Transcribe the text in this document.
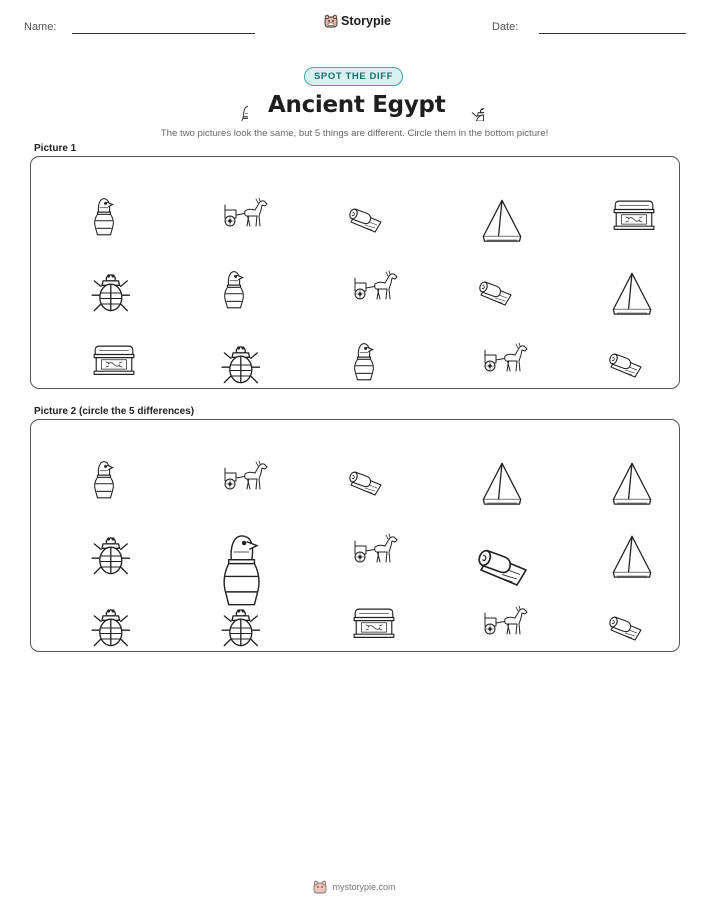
Name:	Storypie	Date:
SPOT THE DIFF
Ancient Egypt
The two pictures look the same, but 5 things are different. Circle them in the bottom picture!
Picture 1
Picture 2 (circle the 5 differences)
mystorypie.com
